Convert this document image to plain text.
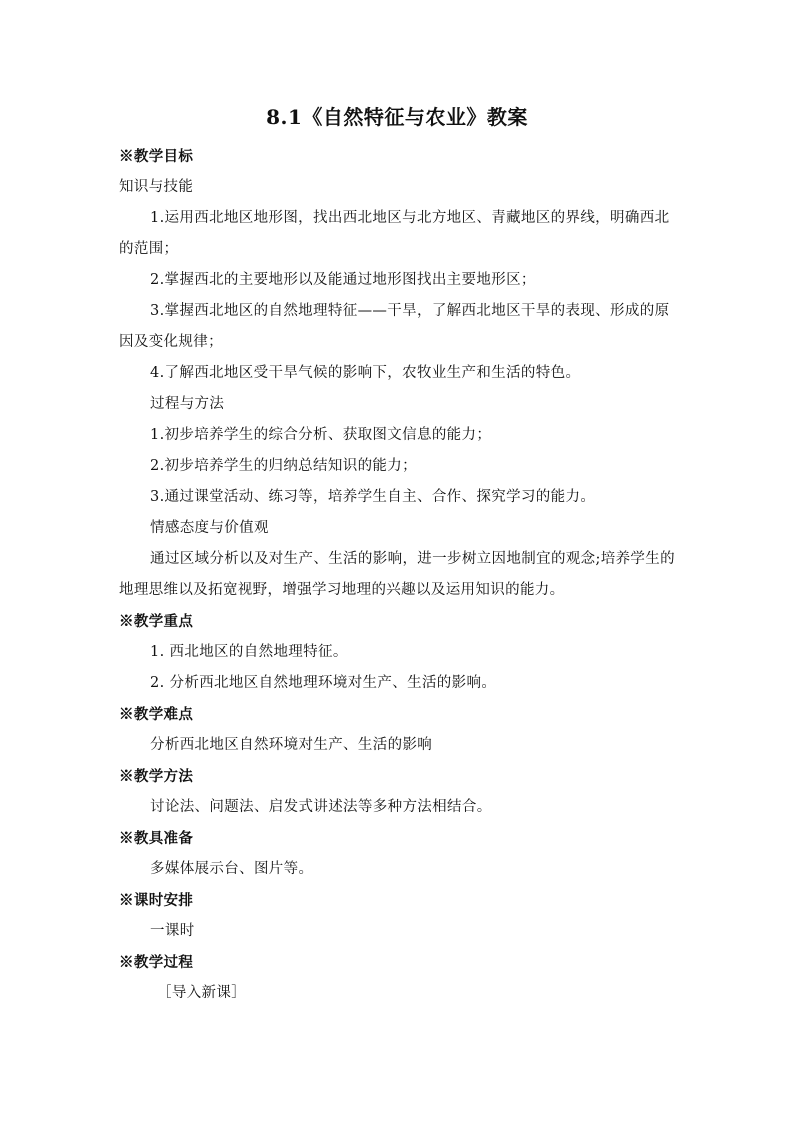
8.1《自然特征与农业》教案

※教学目标

知识与技能

1.运用西北地区地形图，找出西北地区与北方地区、青藏地区的界线，明确西北的范围；

2.掌握西北的主要地形以及能通过地形图找出主要地形区；

3.掌握西北地区的自然地理特征——干旱，了解西北地区干旱的表现、形成的原因及变化规律；

4.了解西北地区受干旱气候的影响下，农牧业生产和生活的特色。

过程与方法

1.初步培养学生的综合分析、获取图文信息的能力；

2.初步培养学生的归纳总结知识的能力；

3.通过课堂活动、练习等，培养学生自主、合作、探究学习的能力。

情感态度与价值观

通过区域分析以及对生产、生活的影响，进一步树立因地制宜的观念;培养学生的地理思维以及拓宽视野，增强学习地理的兴趣以及运用知识的能力。

※教学重点

1. 西北地区的自然地理特征。

2. 分析西北地区自然地理环境对生产、生活的影响。

※教学难点

分析西北地区自然环境对生产、生活的影响

※教学方法

讨论法、问题法、启发式讲述法等多种方法相结合。

※教具准备

多媒体展示台、图片等。

※课时安排

一课时

※教学过程

［导入新课］
